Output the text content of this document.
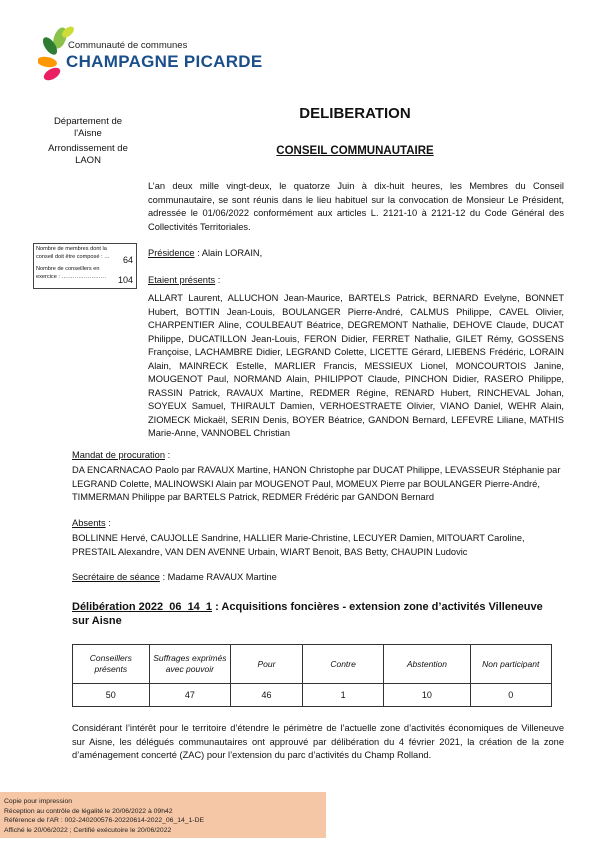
Communauté de communes
CHAMPAGNE PICARDE
Département de
l'Aisne
Arrondissement de
LAON
DELIBERATION
CONSEIL COMMUNAUTAIRE
L’an deux mille vingt-deux, le quatorze Juin à dix-huit heures, les Membres du Conseil communautaire, se sont réunis dans le lieu habituel sur la convocation de Monsieur Le Président, adressée le 01/06/2022 conformément aux articles L. 2121-10 à 2121-12 du Code Général des Collectivités Territoriales.
Nombre de membres dont la conseil doit être composé : …	64
Nombre de conseillers en exercice : ……………………	104
Présidence : Alain LORAIN,
Etaient présents :
ALLART Laurent, ALLUCHON Jean-Maurice, BARTELS Patrick, BERNARD Evelyne, BONNET Hubert, BOTTIN Jean-Louis, BOULANGER Pierre-André, CALMUS Philippe, CAVEL Olivier, CHARPENTIER Aline, COULBEAUT Béatrice, DEGREMONT Nathalie, DEHOVE Claude, DUCAT Philippe, DUCATILLON Jean-Louis, FERON Didier, FERRET Nathalie, GILET Rémy, GOSSENS Françoise, LACHAMBRE Didier, LEGRAND Colette, LICETTE Gérard, LIEBENS Frédéric, LORAIN Alain, MAINRECK Estelle, MARLIER Francis, MESSIEUX Lionel, MONCOURTOIS Janine, MOUGENOT Paul, NORMAND Alain, PHILIPPOT Claude, PINCHON Didier, RASERO Philippe, RASSIN Patrick, RAVAUX Martine, REDMER Régine, RENARD Hubert, RINCHEVAL Johan, SOYEUX Samuel, THIRAULT Damien, VERHOESTRAETE Olivier, VIANO Daniel, WEHR Alain, ZIOMECK Mickaël, SERIN Denis, BOYER Béatrice, GANDON Bernard, LEFEVRE Liliane, MATHIS Marie-Anne, VANNOBEL Christian
Mandat de procuration :
DA ENCARNACAO Paolo par RAVAUX Martine, HANON Christophe par DUCAT Philippe, LEVASSEUR Stéphanie par LEGRAND Colette, MALINOWSKI Alain par MOUGENOT Paul, MOMEUX Pierre par BOULANGER Pierre-André, TIMMERMAN Philippe par BARTELS Patrick, REDMER Frédéric par GANDON Bernard
Absents :
BOLLINNE Hervé, CAUJOLLE Sandrine, HALLIER Marie-Christine, LECUYER Damien, MITOUART Caroline, PRESTAIL Alexandre, VAN DEN AVENNE Urbain, WIART Benoit, BAS Betty, CHAUPIN Ludovic
Secrétaire de séance : Madame RAVAUX Martine
Délibération 2022_06_14_1 : Acquisitions foncières - extension zone d’activités Villeneuve sur Aisne
Conseillers présents	Suffrages exprimés avec pouvoir	Pour	Contre	Abstention	Non participant
50	47	46	1	10	0
Considérant l’intérêt pour le territoire d’étendre le périmètre de l’actuelle zone d’activités économiques de Villeneuve sur Aisne, les délégués communautaires ont approuvé par délibération du 4 février 2021, la création de la zone d’aménagement concerté (ZAC) pour l’extension du parc d’activités du Champ Rolland.
Copie pour impression
Réception au contrôle de légalité le 20/06/2022 à 09h42
Référence de l'AR : 002-240200576-20220614-2022_06_14_1-DE
Affiché le 20/06/2022 ; Certifié exécutoire le 20/06/2022
